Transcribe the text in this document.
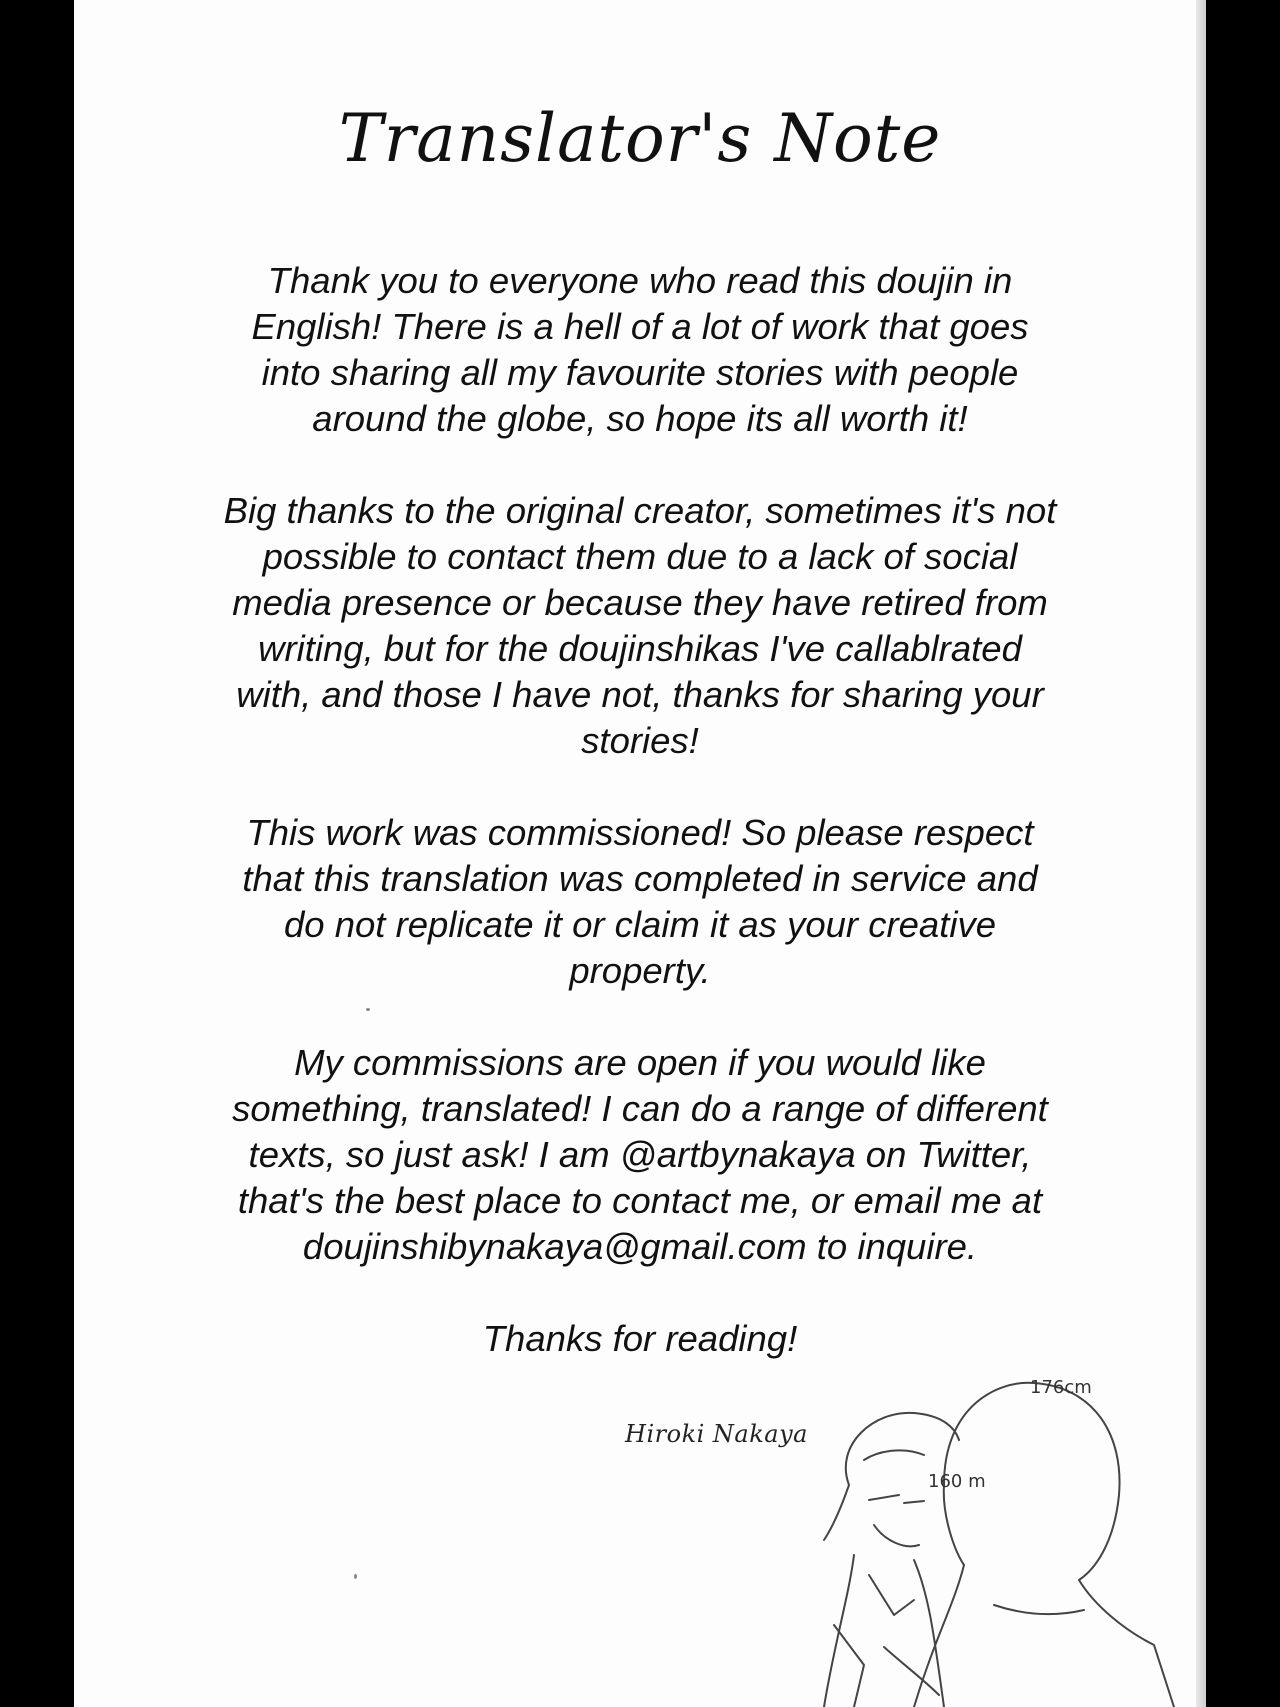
Translator's Note

Thank you to everyone who read this doujin in
English! There is a hell of a lot of work that goes
into sharing all my favourite stories with people
around the globe, so hope its all worth it!

Big thanks to the original creator, sometimes it's not
possible to contact them due to a lack of social
media presence or because they have retired from
writing, but for the doujinshikas I've callablrated
with, and those I have not, thanks for sharing your
stories!

This work was commissioned! So please respect
that this translation was completed in service and
do not replicate it or claim it as your creative
property.

My commissions are open if you would like
something, translated! I can do a range of different
texts, so just ask! I am @artbynakaya on Twitter,
that's the best place to contact me, or email me at
doujinshibynakaya@gmail.com to inquire.

Thanks for reading!

Hiroki Nakaya
176cm
160 m
